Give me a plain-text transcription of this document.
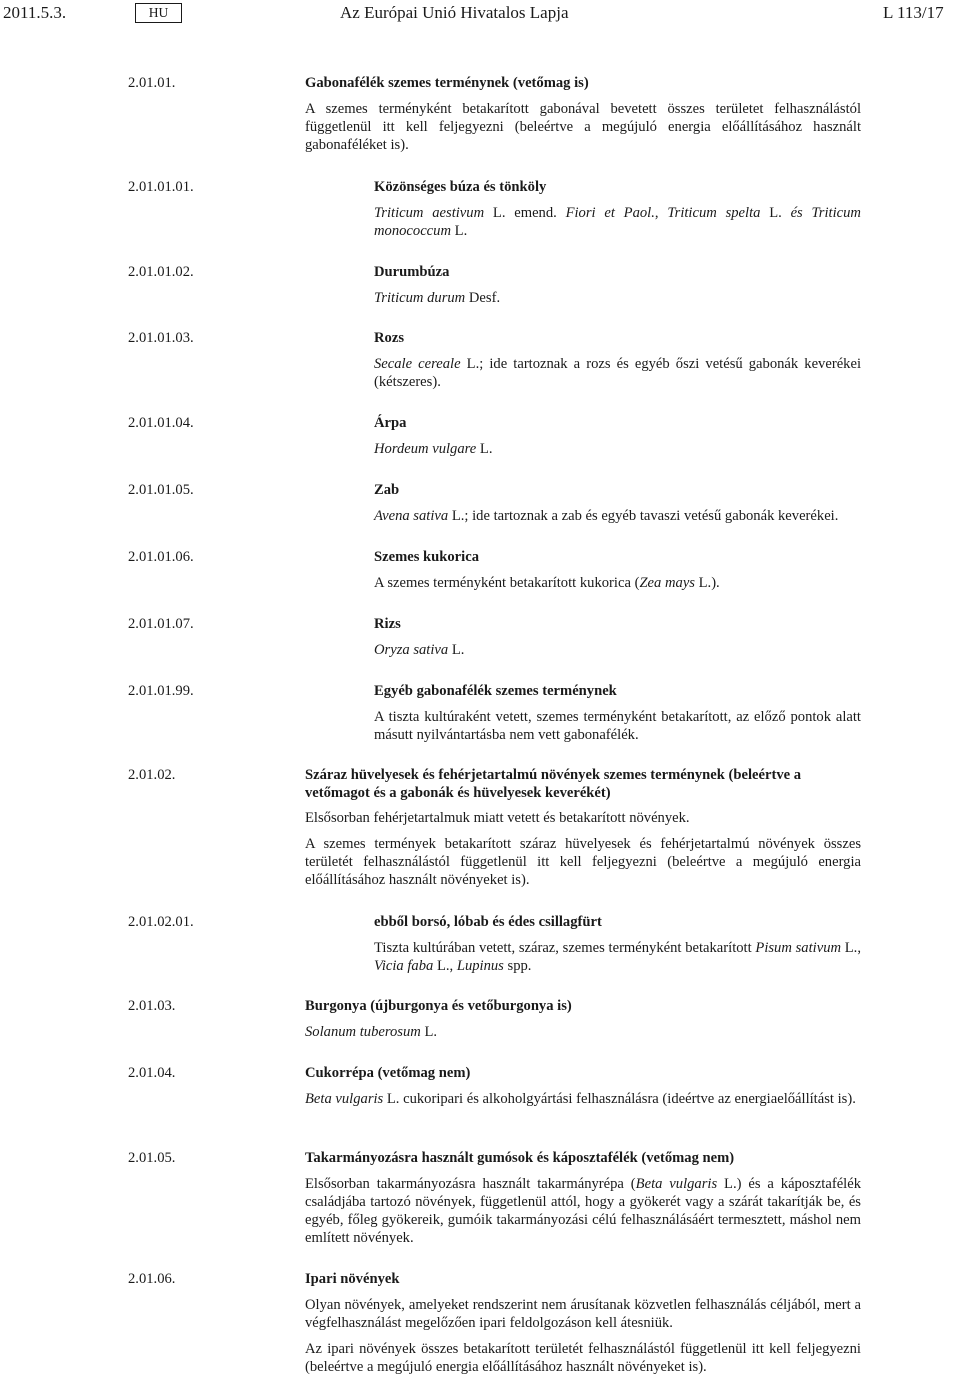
2011.5.3.	HU	Az Európai Unió Hivatalos Lapja	L 113/17
2.01.01.	Gabonafélék szemes terménynek (vetőmag is)

A szemes terményként betakarított gabonával bevetett összes területet felhasználástól függetlenül itt kell feljegyezni (beleértve a megújuló energia előállításához használt gabonaféléket is).

2.01.01.01.	Közönséges búza és tönköly

Triticum aestivum L. emend. Fiori et Paol., Triticum spelta L. és Triticum monococcum L.

2.01.01.02.	Durumbúza

Triticum durum Desf.

2.01.01.03.	Rozs

Secale cereale L.; ide tartoznak a rozs és egyéb őszi vetésű gabonák keverékei (kétszeres).

2.01.01.04.	Árpa

Hordeum vulgare L.

2.01.01.05.	Zab

Avena sativa L.; ide tartoznak a zab és egyéb tavaszi vetésű gabonák keverékei.

2.01.01.06.	Szemes kukorica

A szemes terményként betakarított kukorica (Zea mays L.).

2.01.01.07.	Rizs

Oryza sativa L.

2.01.01.99.	Egyéb gabonafélék szemes terménynek

A tiszta kultúraként vetett, szemes terményként betakarított, az előző pontok alatt másutt nyilvántartásba nem vett gabonafélék.

2.01.02.	Száraz hüvelyesek és fehérjetartalmú növények szemes terménynek (beleértve a
vetőmagot és a gabonák és hüvelyesek keverékét)

Elsősorban fehérjetartalmuk miatt vetett és betakarított növények.

A szemes termények betakarított száraz hüvelyesek és fehérjetartalmú növények összes területét felhasználástól függetlenül itt kell feljegyezni (beleértve a megújuló energia előállításához használt növényeket is).

2.01.02.01.	ebből borsó, lóbab és édes csillagfürt

Tiszta kultúrában vetett, száraz, szemes terményként betakarított Pisum sativum L., Vicia faba L., Lupinus spp.

2.01.03.	Burgonya (újburgonya és vetőburgonya is)

Solanum tuberosum L.

2.01.04.	Cukorrépa (vetőmag nem)

Beta vulgaris L. cukoripari és alkoholgyártási felhasználásra (ideértve az energiaelőállítást is).

2.01.05.	Takarmányozásra használt gumósok és káposztafélék (vetőmag nem)

Elsősorban takarmányozásra használt takarmányrépa (Beta vulgaris L.) és a káposztafélék családjába tartozó növények, függetlenül attól, hogy a gyökerét vagy a szárát takarítják be, és egyéb, főleg gyökereik, gumóik takarmányozási célú felhasználásáért termesztett, máshol nem említett növények.

2.01.06.	Ipari növények

Olyan növények, amelyeket rendszerint nem árusítanak közvetlen felhasználás céljából, mert a végfelhasználást megelőzően ipari feldolgozáson kell átesniük.

Az ipari növények összes betakarított területét felhasználástól függetlenül itt kell feljegyezni (beleértve a megújuló energia előállításához használt növényeket is).
